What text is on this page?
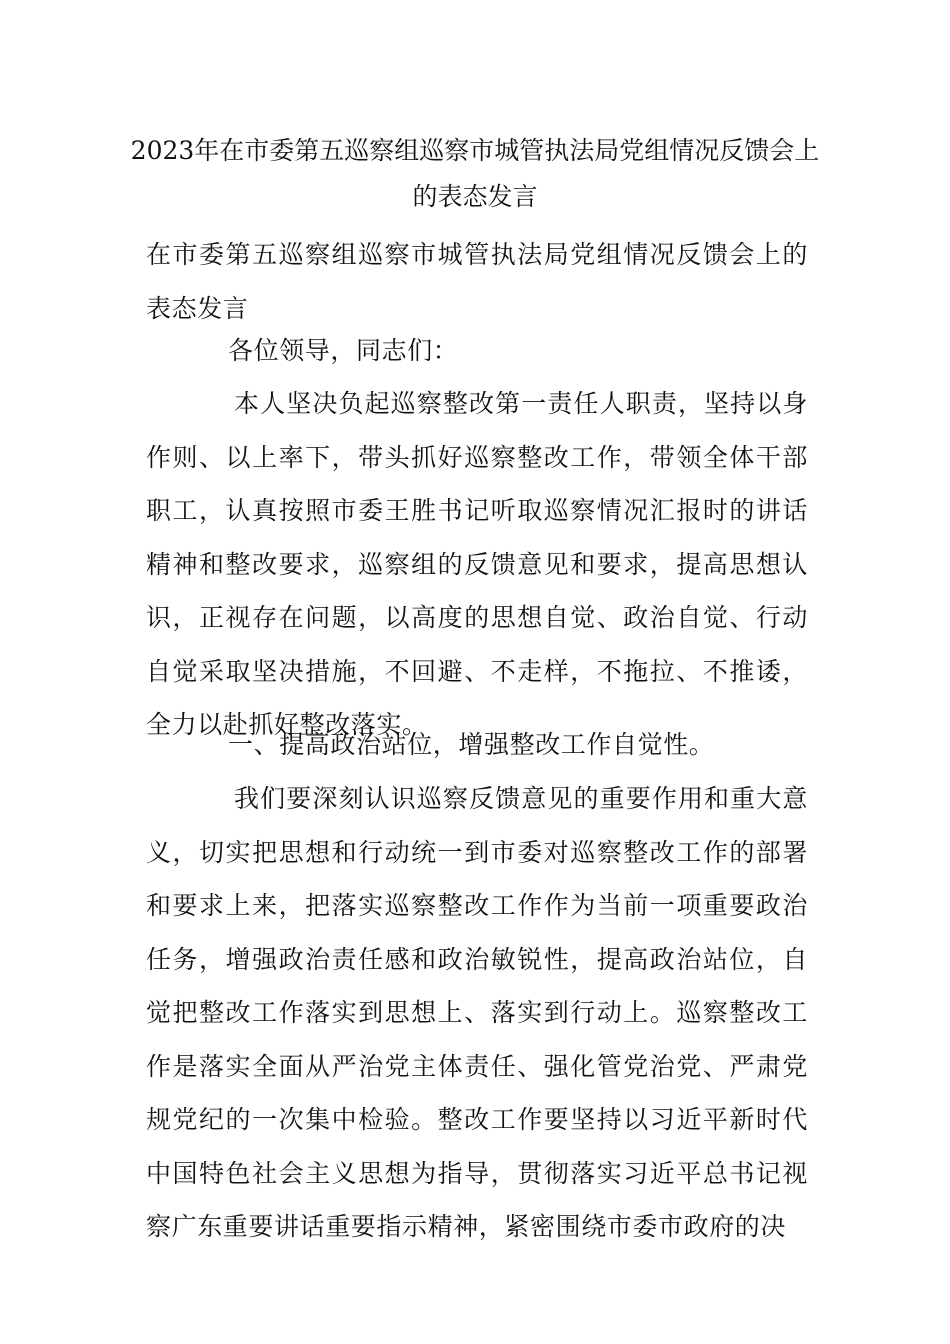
2023年在市委第五巡察组巡察市城管执法局党组情况反馈会上的表态发言

在市委第五巡察组巡察市城管执法局党组情况反馈会上的表态发言

各位领导，同志们：

本人坚决负起巡察整改第一责任人职责，坚持以身作则、以上率下，带头抓好巡察整改工作，带领全体干部职工，认真按照市委王胜书记听取巡察情况汇报时的讲话精神和整改要求，巡察组的反馈意见和要求，提高思想认识，正视存在问题，以高度的思想自觉、政治自觉、行动自觉采取坚决措施，不回避、不走样，不拖拉、不推诿，全力以赴抓好整改落实。

一、提高政治站位，增强整改工作自觉性。

我们要深刻认识巡察反馈意见的重要作用和重大意义，切实把思想和行动统一到市委对巡察整改工作的部署和要求上来，把落实巡察整改工作作为当前一项重要政治任务，增强政治责任感和政治敏锐性，提高政治站位，自觉把整改工作落实到思想上、落实到行动上。巡察整改工作是落实全面从严治党主体责任、强化管党治党、严肃党规党纪的一次集中检验。整改工作要坚持以习近平新时代中国特色社会主义思想为指导，贯彻落实习近平总书记视察广东重要讲话重要指示精神，紧密围绕市委市政府的决
